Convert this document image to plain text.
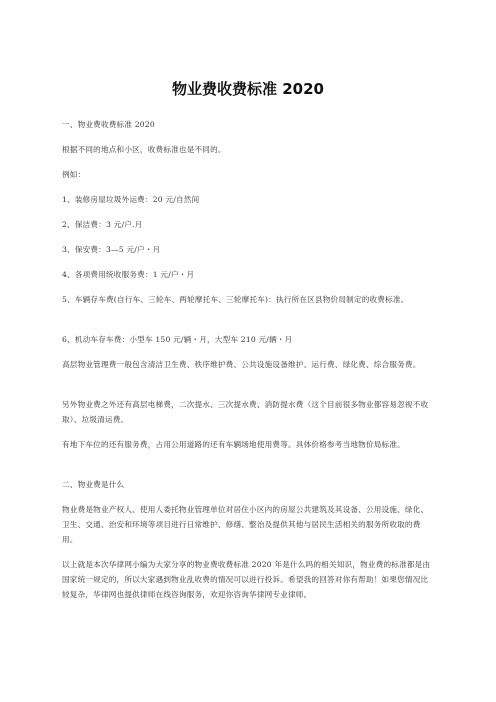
物业费收费标准 2020

一、物业费收费标准 2020

根据不同的地点和小区，收费标准也是不同的。

例如：

1、装修房屋垃圾外运费：20 元/自然间

2、保洁费：3 元/户.月

3、保安费：3—5 元/户・月

4、各项费用统收服务费：1 元/户・月

5、车辆存车费(自行车、三轮车、两轮摩托车、三轮摩托车)：执行所在区县物价局制定的收费标准。

6、机动车存车费：小型车 150 元/辆・月，大型车 210 元/辆・月

高层物业管理费一般包含清洁卫生费、秩序维护费、公共设施设备维护、运行费、绿化费、综合服务费。

另外物业费之外还有高层电梯费，二次提水、三次提水费、消防提水费（这个目前很多物业都容易忽视不收取）、垃圾清运费。

有地下车位的还有服务费，占用公用道路的还有车辆场地使用费等。具体价格参考当地物价局标准。

二、物业费是什么

物业费是物业产权人、使用人委托物业管理单位对居住小区内的房屋公共建筑及其设备、公用设施、绿化、卫生、交通、治安和环境等项目进行日常维护、修缮、整治及提供其他与居民生活相关的服务所收取的费用。

以上就是本次华律网小编为大家分享的物业费收费标准 2020 年是什么吗的相关知识，物业费的标准都是由国家统一规定的，所以大家遇到物业乱收费的情况可以进行投诉。希望我的回答对你有帮助！如果您情况比较复杂，华律网也提供律师在线咨询服务，欢迎你咨询华律网专业律师。
